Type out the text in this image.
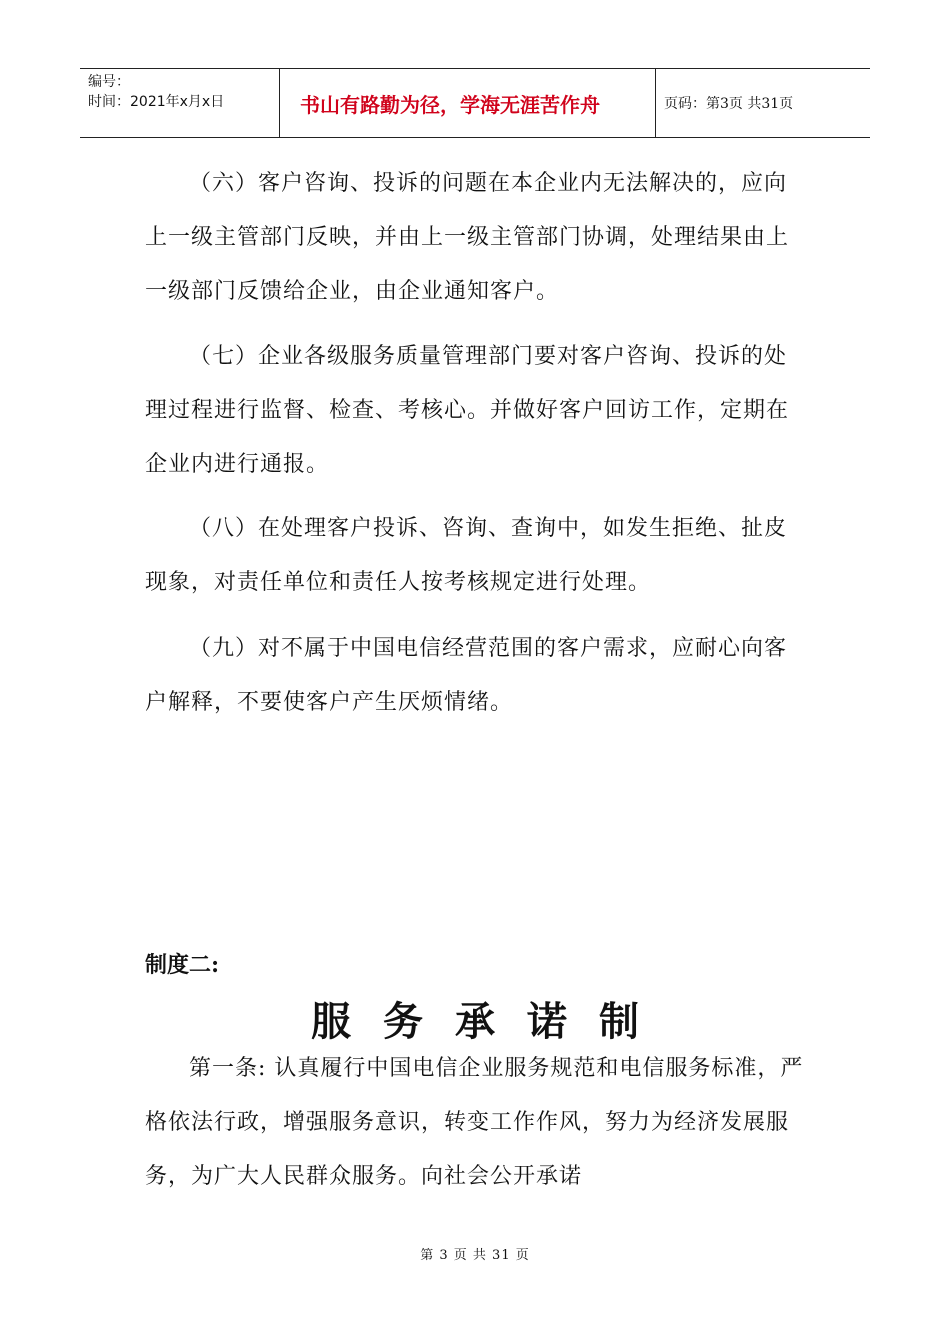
编号：
时间：2021年x月x日	书山有路勤为径，学海无涯苦作舟	页码：第3页 共31页

（六）客户咨询、投诉的问题在本企业内无法解决的，应向上一级主管部门反映，并由上一级主管部门协调，处理结果由上一级部门反馈给企业，由企业通知客户。

（七）企业各级服务质量管理部门要对客户咨询、投诉的处理过程进行监督、检查、考核心。并做好客户回访工作，定期在企业内进行通报。

（八）在处理客户投诉、咨询、查询中，如发生拒绝、扯皮现象，对责任单位和责任人按考核规定进行处理。

（九）对不属于中国电信经营范围的客户需求，应耐心向客户解释，不要使客户产生厌烦情绪。

制度二:

服务承诺制

第一条: 认真履行中国电信企业服务规范和电信服务标准，严格依法行政，增强服务意识，转变工作作风，努力为经济发展服务，为广大人民群众服务。向社会公开承诺

第 3 页 共 31 页
